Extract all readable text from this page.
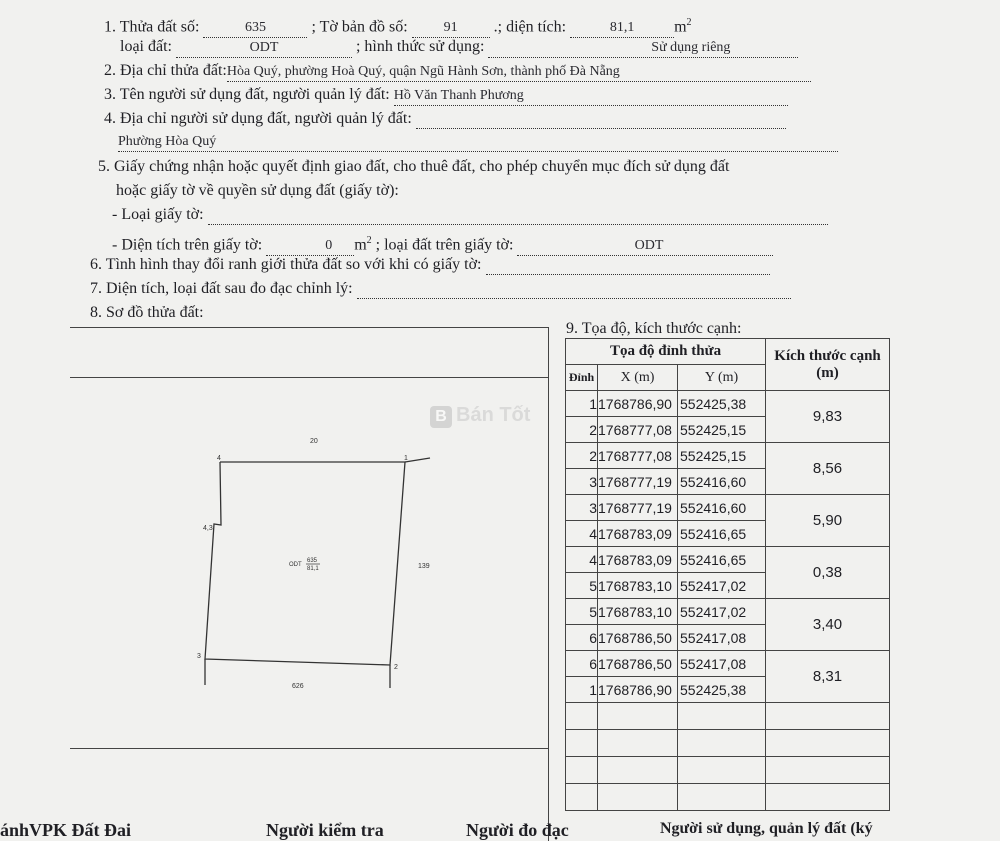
1. Thửa đất số:	635	; Tờ bản đồ số:	91 .; diện tích:	81,1 $m^2$
loại đất:	ODT	; hình thức sử dụng:	Sử dụng riêng
2. Địa chỉ thửa đất:Hòa Quý, phường Hoà Quý, quận Ngũ Hành Sơn, thành phố Đà Nẵng
3. Tên người sử dụng đất, người quản lý đất: Hồ Văn Thanh Phương
4. Địa chỉ người sử dụng đất, người quản lý đất:
Phường Hòa Quý
5. Giấy chứng nhận hoặc quyết định giao đất, cho thuê đất, cho phép chuyển mục đích sử dụng đất
hoặc giấy tờ về quyền sử dụng đất (giấy tờ):
- Loại giấy tờ:
- Diện tích trên giấy tờ:	0 $m^2$ ; loại đất trên giấy tờ:	ODT
6. Tình hình thay đổi ranh giới thửa đất so với khi có giấy tờ:
7. Diện tích, loại đất sau đo đạc chỉnh lý:
8. Sơ đồ thửa đất:
20
139
626
4,3
4	1
3
2
ODT
635
81,1
B Bán Tốt
9. Tọa độ, kích thước cạnh:
Tọa độ đỉnh thửa			Kích thước cạnh
(m)

Đỉnh	X (m)	Y (m)	
1	1768786,90	552425,38	9,83
2	1768777,08	552425,15	
2	1768777,08	552425,15	8,56
3	1768777,19	552416,60	
3	1768777,19	552416,60	5,90
4	1768783,09	552416,65	
4	1768783,09	552416,65	0,38
5	1768783,10	552417,02	
5	1768783,10	552417,02	3,40
6	1768786,50	552417,08	
6	1768786,50	552417,08	8,31
1	1768786,90	552425,38	

ánhVPK Đất Đai	Người kiểm tra	Người đo đạc	Người sử dụng, quản lý đất (ký
